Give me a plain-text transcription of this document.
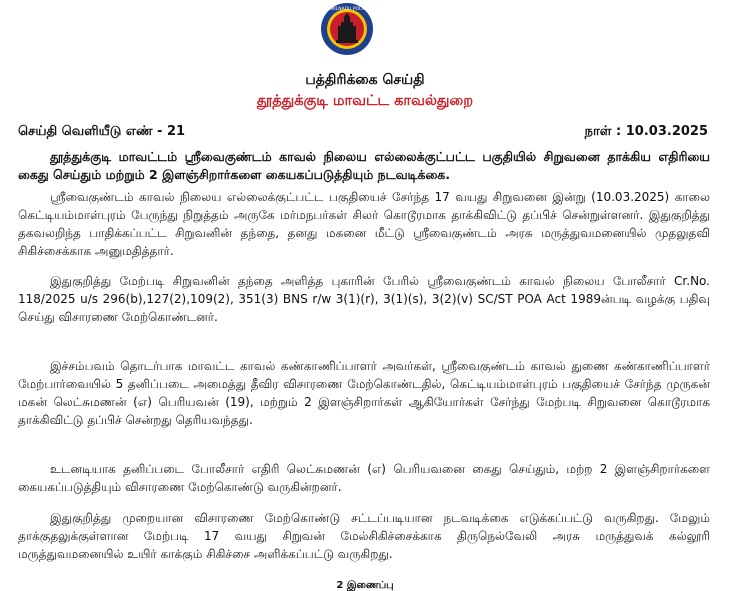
TAMILNADU POLICE
பத்திரிக்கை செய்தி
தூத்துக்குடி மாவட்ட காவல்துறை
செய்தி வெளியீடு எண் - 21	நாள் : 10.03.2025
தூத்துக்குடி மாவட்டம் ஸ்ரீவைகுண்டம் காவல் நிலைய எல்லைக்குட்பட்ட பகுதியில் சிறுவனை தாக்கிய எதிரியை கைது செய்தும் மற்றும் 2 இளஞ்சிறார்களை கையகப்படுத்தியும் நடவடிக்கை.
ஸ்ரீவைகுண்டம் காவல் நிலைய எல்லைக்குட்பட்ட பகுதியைச் சேர்ந்த 17 வயது சிறுவனை இன்று (10.03.2025) காலை கெட்டியம்மாள்புரம் பேருந்து நிறுத்தம் அருகே மர்மநபர்கள் சிலர் கொடூரமாக தாக்கிவிட்டு தப்பிச் சென்றுள்ளனர். இதுகுறித்து தகவலறிந்த பாதிக்கப்பட்ட சிறுவனின் தந்தை, தனது மகனை மீட்டு ஸ்ரீவைகுண்டம் அரசு மருத்துவமனையில் முதலுதவி சிகிச்சைக்காக அனுமதித்தார்.
இதுகுறித்து மேற்படி சிறுவனின் தந்தை அளித்த புகாரின் பேரில் ஸ்ரீவைகுண்டம் காவல் நிலைய போலீசார் Cr.No. 118/2025 u/s 296(b),127(2),109(2), 351(3) BNS r/w 3(1)(r), 3(1)(s), 3(2)(v) SC/ST POA Act 1989ன்படி வழக்கு பதிவு செய்து விசாரணை மேற்கொண்டனர்.
இச்சம்பவம் தொடர்பாக மாவட்ட காவல் கண்காணிப்பாளர் அவர்கள், ஸ்ரீவைகுண்டம் காவல் துணை கண்காணிப்பாளர் மேற்பார்வையில் 5 தனிப்படை அமைத்து தீவிர விசாரணை மேற்கொண்டதில், கெட்டியம்மாள்புரம் பகுதியைச் சேர்ந்த முருகன் மகன் லெட்சுமணன் (எ) பெரியவன் (19), மற்றும் 2 இளஞ்சிறார்கள் ஆகியோர்கள் சேர்ந்து மேற்படி சிறுவனை கொடூரமாக தாக்கிவிட்டு தப்பிச் சென்றது தெரியவந்தது.
உடனடியாக தனிப்படை போலீசார் எதிரி லெட்சுமணன் (எ) பெரியவனை கைது செய்தும், மற்ற 2 இளஞ்சிறார்களை கையகப்படுத்தியும் விசாரணை மேற்கொண்டு வருகின்றனர்.
இதுகுறித்து முறையான விசாரணை மேற்கொண்டு சட்டப்படியான நடவடிக்கை எடுக்கப்பட்டு வருகிறது. மேலும் தாக்குதலுக்குள்ளான மேற்படி 17 வயது சிறுவன் மேல்சிகிச்சைக்காக திருநெல்வேலி அரசு மருத்துவக் கல்லூரி மருத்துவமனையில் உயிர் காக்கும் சிகிச்சை அளிக்கப்பட்டு வருகிறது.
2 இணைப்பு
